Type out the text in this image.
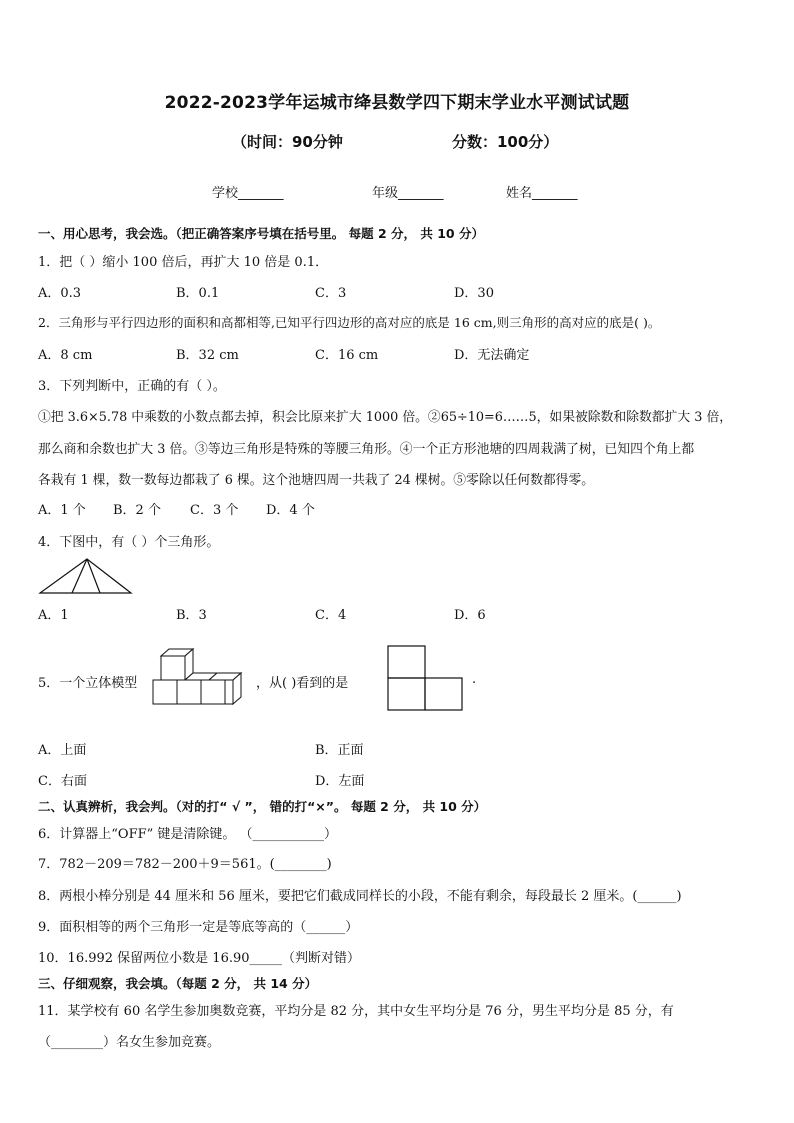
2022-2023学年运城市绛县数学四下期末学业水平测试试题
（时间：90分钟	分数：100分）
学校_______	年级_______	姓名_______
一、用心思考，我会选。（把正确答案序号填在括号里。 每题 2 分， 共 10 分）
1．把（ ）缩小 100 倍后，再扩大 10 倍是 0.1．
A．0.3	B．0.1	C．3	D．30
2．三角形与平行四边形的面积和高都相等,已知平行四边形的高对应的底是 16 cm,则三角形的高对应的底是( )。
A．8 cm	B．32 cm	C．16 cm	D．无法确定
3．下列判断中，正确的有（ ）。
①把 3.6×5.78 中乘数的小数点都去掉，积会比原来扩大 1000 倍。②65÷10=6……5，如果被除数和除数都扩大 3 倍，
那么商和余数也扩大 3 倍。③等边三角形是特殊的等腰三角形。④一个正方形池塘的四周栽满了树，已知四个角上都
各栽有 1 棵，数一数每边都栽了 6 棵。这个池塘四周一共栽了 24 棵树。⑤零除以任何数都得零。
A．1 个 B．2 个 C．3 个 D．4 个
4．下图中，有（ ）个三角形。
A．1	B．3	C．4	D．6
5．一个立体模型	，从( )看到的是	.
A．上面	B．正面
C．右面	D．左面
二、认真辨析，我会判。（对的打“ √ ”， 错的打“×”。 每题 2 分， 共 10 分）
6．计算器上“OFF” 键是清除键。 （___________）
7．782－209＝782－200＋9＝561。(________)
8．两根小棒分别是 44 厘米和 56 厘米，要把它们截成同样长的小段，不能有剩余，每段最长 2 厘米。(______)
9．面积相等的两个三角形一定是等底等高的（______）
10．16.992 保留两位小数是 16.90_____（判断对错）
三、仔细观察，我会填。（每题 2 分， 共 14 分）
11．某学校有 60 名学生参加奥数竞赛，平均分是 82 分，其中女生平均分是 76 分，男生平均分是 85 分，有
（________）名女生参加竞赛。
